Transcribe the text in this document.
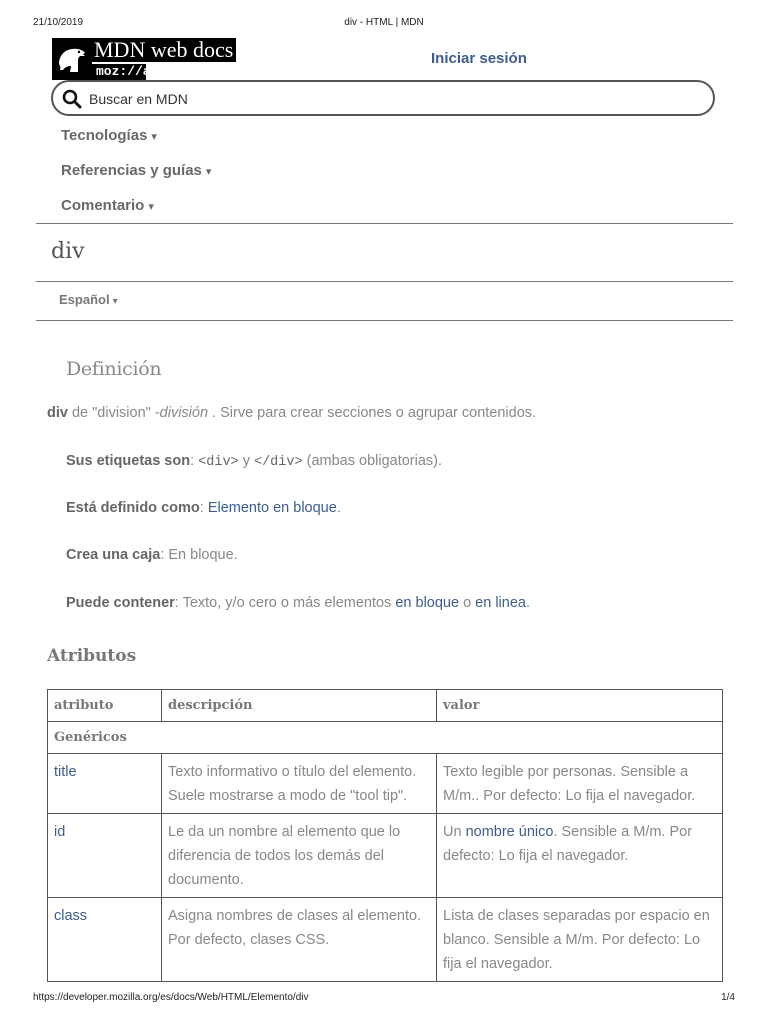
21/10/2019	div - HTML | MDN
https://developer.mozilla.org/es/docs/Web/HTML/Elemento/div	1/4
MDN web docs
moz://a
Iniciar sesión
Buscar en MDN
Tecnologías ▾
Referencias y guías ▾
Comentario ▾
div
Español ▾
Definición
div de "division" -división . Sirve para crear secciones o agrupar contenidos.
Sus etiquetas son: <div> y </div> (ambas obligatorias).
Está definido como: Elemento en bloque.
Crea una caja: En bloque.
Puede contener: Texto, y/o cero o más elementos en bloque o en linea.
Atributos
atributo	descripción	valor
Genéricos		
title	Texto informativo o título del elemento. Suele mostrarse a modo de "tool tip".	Texto legible por personas. Sensible a M/m.. Por defecto: Lo fija el navegador.
id	Le da un nombre al elemento que lo diferencia de todos los demás del documento.	Un nombre único. Sensible a M/m. Por defecto: Lo fija el navegador.
class	Asigna nombres de clases al elemento. Por defecto, clases CSS.	Lista de clases separadas por espacio en blanco. Sensible a M/m. Por defecto: Lo fija el navegador.
